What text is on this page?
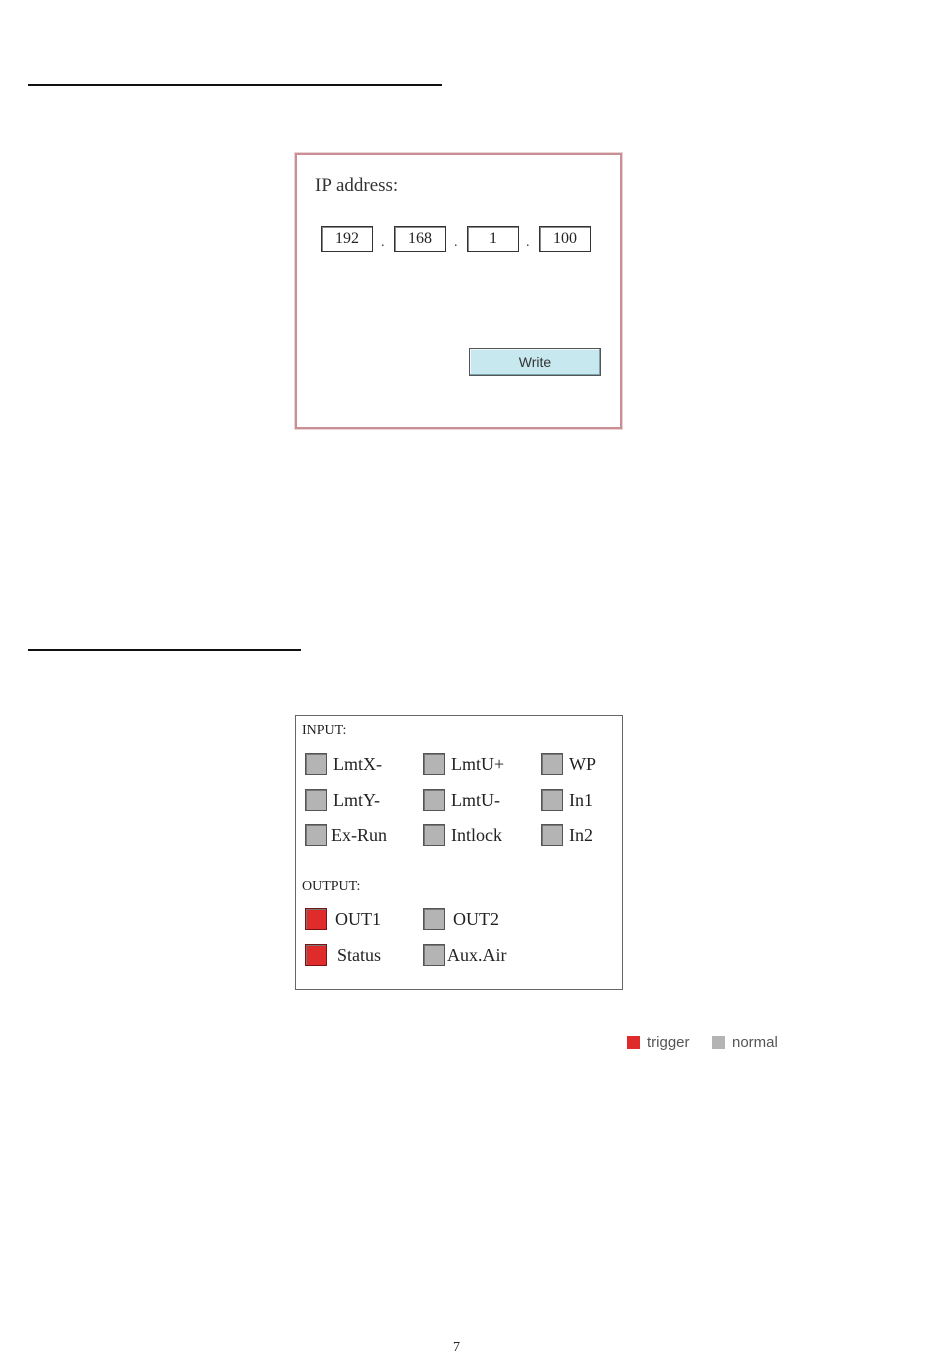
IP address:
192
.
168	.
1	.
100
Write
INPUT:
LmtX-	LmtU+	WP
LmtY-	LmtU-	In1
Ex-Run	Intlock	In2
OUTPUT:
OUT1	OUT2
Status	Aux.Air
trigger	normal
7
